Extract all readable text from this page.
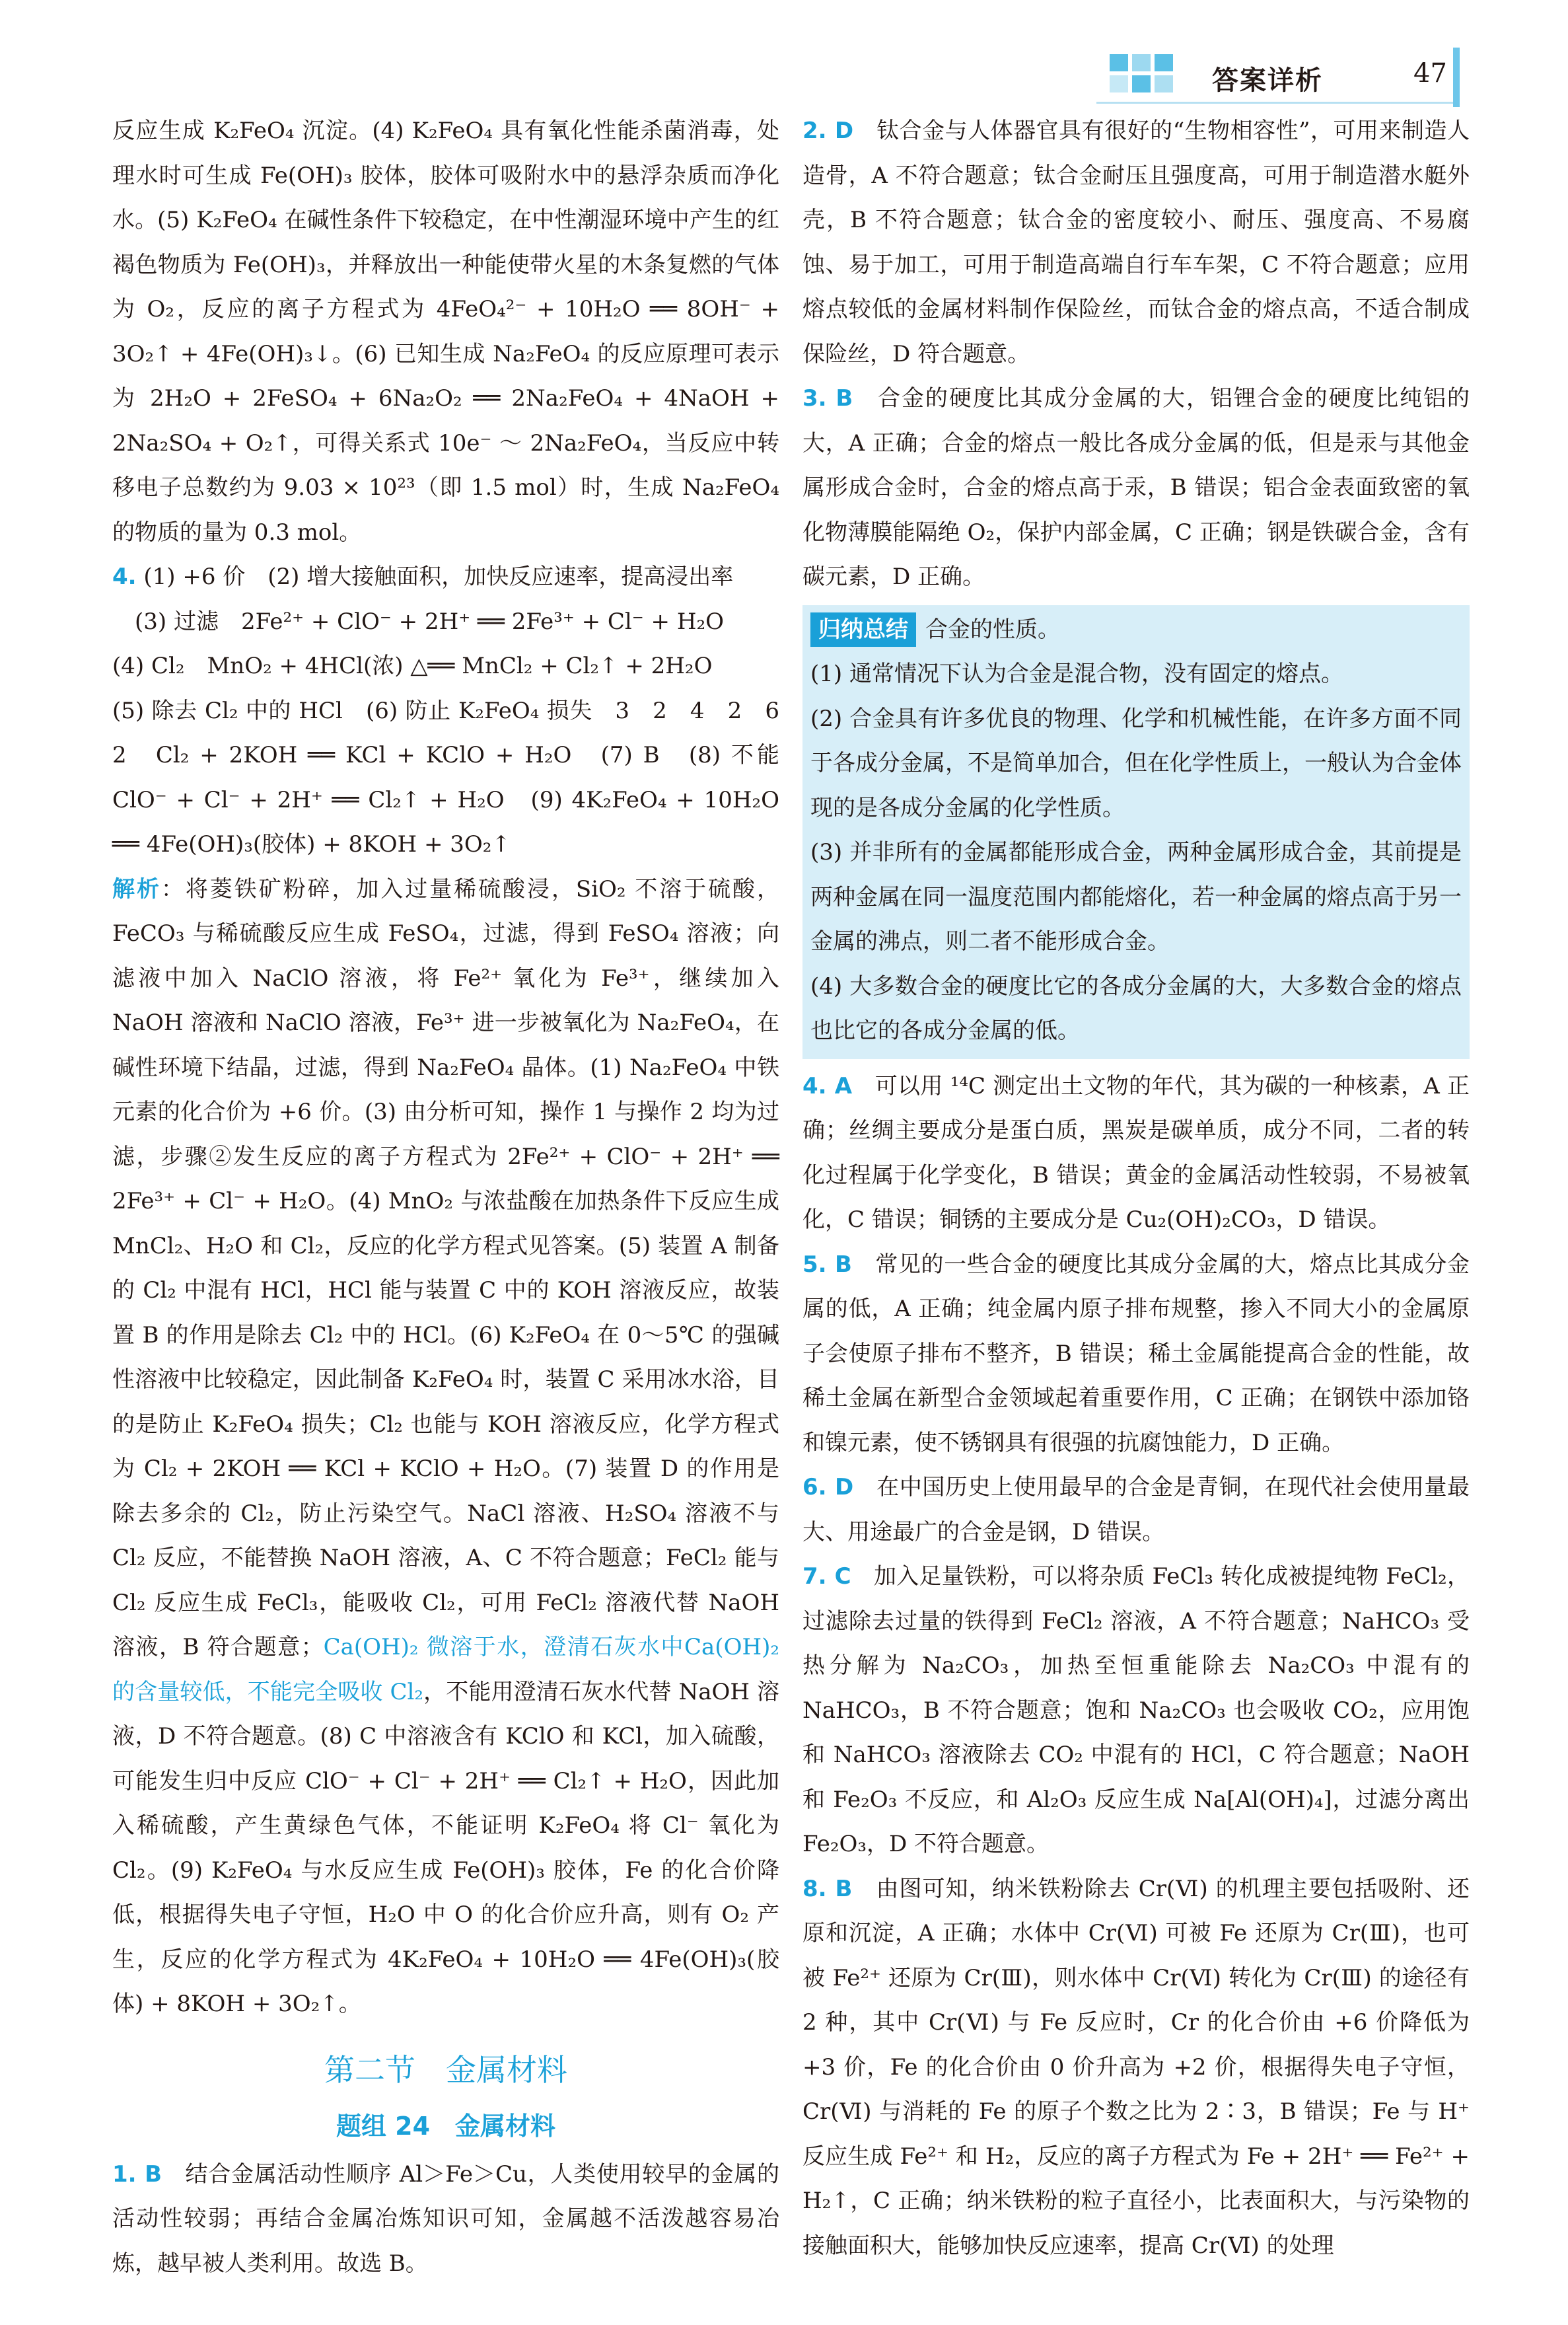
答案详析	47

反应生成 K₂FeO₄ 沉淀。(4) K₂FeO₄ 具有氧化性能杀菌消毒，处理水时可生成 Fe(OH)₃ 胶体，胶体可吸附水中的悬浮杂质而净化水。(5) K₂FeO₄ 在碱性条件下较稳定，在中性潮湿环境中产生的红褐色物质为 Fe(OH)₃，并释放出一种能使带火星的木条复燃的气体为 O₂，反应的离子方程式为 4FeO₄²⁻ + 10H₂O ══ 8OH⁻ + 3O₂↑ + 4Fe(OH)₃↓。(6) 已知生成 Na₂FeO₄ 的反应原理可表示为 2H₂O + 2FeSO₄ + 6Na₂O₂ ══ 2Na₂FeO₄ + 4NaOH + 2Na₂SO₄ + O₂↑，可得关系式 10e⁻ ～ 2Na₂FeO₄，当反应中转移电子总数约为 9.03 × 10²³（即 1.5 mol）时，生成 Na₂FeO₄ 的物质的量为 0.3 mol。

4. (1) +6 价　(2) 增大接触面积，加快反应速率，提高浸出率

(3) 过滤　2Fe²⁺ + ClO⁻ + 2H⁺ ══ 2Fe³⁺ + Cl⁻ + H₂O

(4) Cl₂　MnO₂ + 4HCl(浓) △══ MnCl₂ + Cl₂↑ + 2H₂O

(5) 除去 Cl₂ 中的 HCl　(6) 防止 K₂FeO₄ 损失　3　2　4　2　6　2　Cl₂ + 2KOH ══ KCl + KClO + H₂O　(7) B　(8) 不能　ClO⁻ + Cl⁻ + 2H⁺ ══ Cl₂↑ + H₂O　(9) 4K₂FeO₄ + 10H₂O ══ 4Fe(OH)₃(胶体) + 8KOH + 3O₂↑

解析：将菱铁矿粉碎，加入过量稀硫酸浸，SiO₂ 不溶于硫酸，FeCO₃ 与稀硫酸反应生成 FeSO₄，过滤，得到 FeSO₄ 溶液；向滤液中加入 NaClO 溶液，将 Fe²⁺ 氧化为 Fe³⁺，继续加入 NaOH 溶液和 NaClO 溶液，Fe³⁺ 进一步被氧化为 Na₂FeO₄，在碱性环境下结晶，过滤，得到 Na₂FeO₄ 晶体。(1) Na₂FeO₄ 中铁元素的化合价为 +6 价。(3) 由分析可知，操作 1 与操作 2 均为过滤，步骤②发生反应的离子方程式为 2Fe²⁺ + ClO⁻ + 2H⁺ ══ 2Fe³⁺ + Cl⁻ + H₂O。(4) MnO₂ 与浓盐酸在加热条件下反应生成 MnCl₂、H₂O 和 Cl₂，反应的化学方程式见答案。(5) 装置 A 制备的 Cl₂ 中混有 HCl，HCl 能与装置 C 中的 KOH 溶液反应，故装置 B 的作用是除去 Cl₂ 中的 HCl。(6) K₂FeO₄ 在 0～5℃ 的强碱性溶液中比较稳定，因此制备 K₂FeO₄ 时，装置 C 采用冰水浴，目的是防止 K₂FeO₄ 损失；Cl₂ 也能与 KOH 溶液反应，化学方程式为 Cl₂ + 2KOH ══ KCl + KClO + H₂O。(7) 装置 D 的作用是除去多余的 Cl₂，防止污染空气。NaCl 溶液、H₂SO₄ 溶液不与 Cl₂ 反应，不能替换 NaOH 溶液，A、C 不符合题意；FeCl₂ 能与 Cl₂ 反应生成 FeCl₃，能吸收 Cl₂，可用 FeCl₂ 溶液代替 NaOH 溶液，B 符合题意；Ca(OH)₂ 微溶于水，澄清石灰水中Ca(OH)₂的含量较低，不能完全吸收 Cl₂，不能用澄清石灰水代替 NaOH 溶液，D 不符合题意。(8) C 中溶液含有 KClO 和 KCl，加入硫酸，可能发生归中反应 ClO⁻ + Cl⁻ + 2H⁺ ══ Cl₂↑ + H₂O，因此加入稀硫酸，产生黄绿色气体，不能证明 K₂FeO₄ 将 Cl⁻ 氧化为 Cl₂。(9) K₂FeO₄ 与水反应生成 Fe(OH)₃ 胶体，Fe 的化合价降低，根据得失电子守恒，H₂O 中 O 的化合价应升高，则有 O₂ 产生，反应的化学方程式为 4K₂FeO₄ + 10H₂O ══ 4Fe(OH)₃(胶体) + 8KOH + 3O₂↑。

第二节　金属材料
题组 24　金属材料

1. B　结合金属活动性顺序 Al＞Fe＞Cu，人类使用较早的金属的活动性较弱；再结合金属冶炼知识可知，金属越不活泼越容易冶炼，越早被人类利用。故选 B。

2. D　钛合金与人体器官具有很好的“生物相容性”，可用来制造人造骨，A 不符合题意；钛合金耐压且强度高，可用于制造潜水艇外壳，B 不符合题意；钛合金的密度较小、耐压、强度高、不易腐蚀、易于加工，可用于制造高端自行车车架，C 不符合题意；应用熔点较低的金属材料制作保险丝，而钛合金的熔点高，不适合制成保险丝，D 符合题意。

3. B　合金的硬度比其成分金属的大，铝锂合金的硬度比纯铝的大，A 正确；合金的熔点一般比各成分金属的低，但是汞与其他金属形成合金时，合金的熔点高于汞，B 错误；铝合金表面致密的氧化物薄膜能隔绝 O₂，保护内部金属，C 正确；钢是铁碳合金，含有碳元素，D 正确。

归纳总结 合金的性质。

(1) 通常情况下认为合金是混合物，没有固定的熔点。

(2) 合金具有许多优良的物理、化学和机械性能，在许多方面不同于各成分金属，不是简单加合，但在化学性质上，一般认为合金体现的是各成分金属的化学性质。

(3) 并非所有的金属都能形成合金，两种金属形成合金，其前提是两种金属在同一温度范围内都能熔化，若一种金属的熔点高于另一金属的沸点，则二者不能形成合金。

(4) 大多数合金的硬度比它的各成分金属的大，大多数合金的熔点也比它的各成分金属的低。

4. A　可以用 ¹⁴C 测定出土文物的年代，其为碳的一种核素，A 正确；丝绸主要成分是蛋白质，黑炭是碳单质，成分不同，二者的转化过程属于化学变化，B 错误；黄金的金属活动性较弱，不易被氧化，C 错误；铜锈的主要成分是 Cu₂(OH)₂CO₃，D 错误。

5. B　常见的一些合金的硬度比其成分金属的大，熔点比其成分金属的低，A 正确；纯金属内原子排布规整，掺入不同大小的金属原子会使原子排布不整齐，B 错误；稀土金属能提高合金的性能，故稀土金属在新型合金领域起着重要作用，C 正确；在钢铁中添加铬和镍元素，使不锈钢具有很强的抗腐蚀能力，D 正确。

6. D　在中国历史上使用最早的合金是青铜，在现代社会使用量最大、用途最广的合金是钢，D 错误。

7. C　加入足量铁粉，可以将杂质 FeCl₃ 转化成被提纯物 FeCl₂，过滤除去过量的铁得到 FeCl₂ 溶液，A 不符合题意；NaHCO₃ 受热分解为 Na₂CO₃，加热至恒重能除去 Na₂CO₃ 中混有的 NaHCO₃，B 不符合题意；饱和 Na₂CO₃ 也会吸收 CO₂，应用饱和 NaHCO₃ 溶液除去 CO₂ 中混有的 HCl，C 符合题意；NaOH 和 Fe₂O₃ 不反应，和 Al₂O₃ 反应生成 Na[Al(OH)₄]，过滤分离出 Fe₂O₃，D 不符合题意。

8. B　由图可知，纳米铁粉除去 Cr(Ⅵ) 的机理主要包括吸附、还原和沉淀，A 正确；水体中 Cr(Ⅵ) 可被 Fe 还原为 Cr(Ⅲ)，也可被 Fe²⁺ 还原为 Cr(Ⅲ)，则水体中 Cr(Ⅵ) 转化为 Cr(Ⅲ) 的途径有 2 种，其中 Cr(Ⅵ) 与 Fe 反应时，Cr 的化合价由 +6 价降低为 +3 价，Fe 的化合价由 0 价升高为 +2 价，根据得失电子守恒，Cr(Ⅵ) 与消耗的 Fe 的原子个数之比为 2∶3，B 错误；Fe 与 H⁺ 反应生成 Fe²⁺ 和 H₂，反应的离子方程式为 Fe + 2H⁺ ══ Fe²⁺ + H₂↑，C 正确；纳米铁粉的粒子直径小，比表面积大，与污染物的接触面积大，能够加快反应速率，提高 Cr(Ⅵ) 的处理
